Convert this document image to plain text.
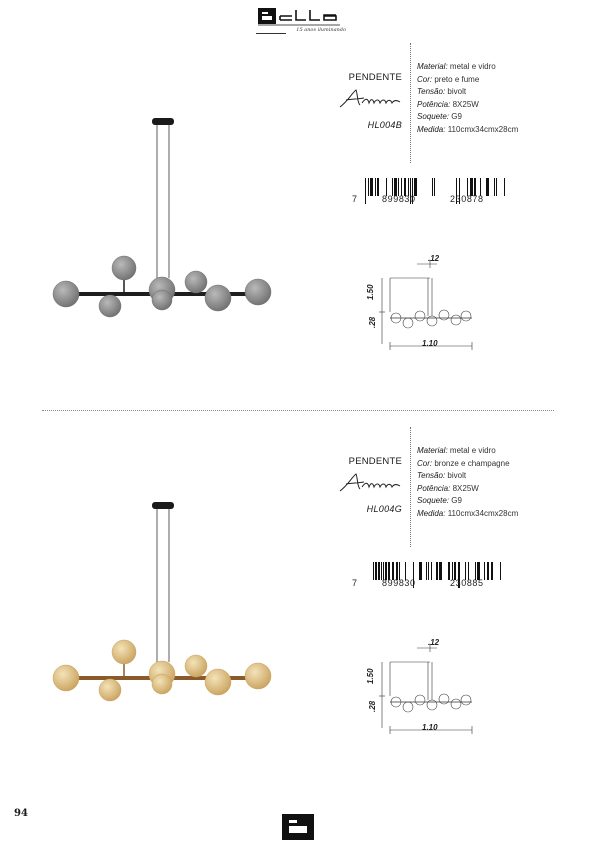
15 anos iluminando
PENDENTE
HL004B
Material: metal e vidro
Cor: preto e fume
Tensão: bivolt
Potência: 8X25W
Soquete: G9
Medida: 110cmx34cmx28cm
7	899830	230878
.12
1.50
.28
1.10
PENDENTE
HL004G
Material: metal e vidro
Cor: bronze e champagne
Tensão: bivolt
Potência: 8X25W
Soquete: G9
Medida: 110cmx34cmx28cm
7	899830	230885
.12
1.50
.28
1.10
94
